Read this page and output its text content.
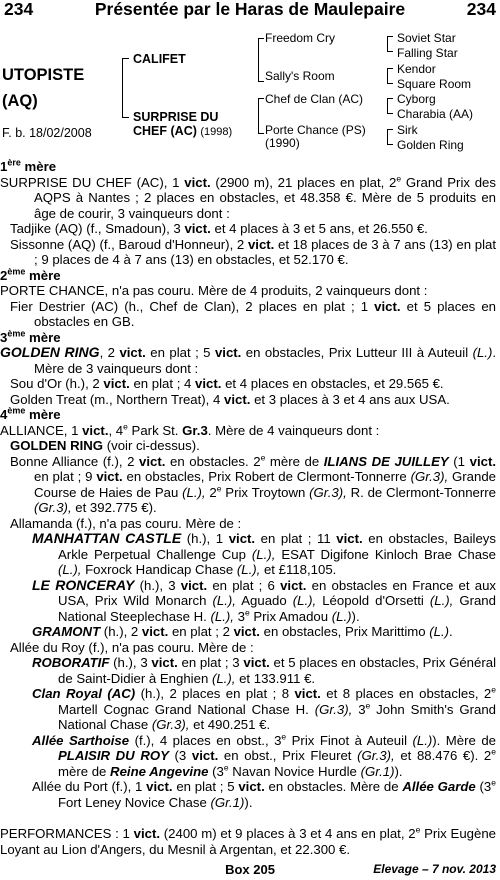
234	Présentée par le Haras de Maulepaire	234
UTOPISTE
(AQ)
F. b. 18/02/2008
CALIFET
SURPRISE DU
CHEF (AC) (1998)
Freedom Cry
Sally's Room
Chef de Clan (AC)
Porte Chance (PS)
(1990)
Soviet Star
Falling Star
Kendor
Square Room
Cyborg
Charabia (AA)
Sirk
Golden Ring

1ère mère

SURPRISE DU CHEF (AC), 1 vict. (2900 m), 21 places en plat, 2e Grand Prix des AQPS à Nantes ; 2 places en obstacles, et 48.358 €. Mère de 5 produits en âge de courir, 3 vainqueurs dont :

Tadjike (AQ) (f., Smadoun), 3 vict. et 4 places à 3 et 5 ans, et 26.550 €.

Sissonne (AQ) (f., Baroud d'Honneur), 2 vict. et 18 places de 3 à 7 ans (13) en plat ; 9 places de 4 à 7 ans (13) en obstacles, et 52.170 €.

2ème mère

PORTE CHANCE, n'a pas couru. Mère de 4 produits, 2 vainqueurs dont :

Fier Destrier (AC) (h., Chef de Clan), 2 places en plat ; 1 vict. et 5 places en obstacles en GB.

3ème mère

GOLDEN RING, 2 vict. en plat ; 5 vict. en obstacles, Prix Lutteur III à Auteuil (L.). Mère de 3 vainqueurs dont :

Sou d'Or (h.), 2 vict. en plat ; 4 vict. et 4 places en obstacles, et 29.565 €.

Golden Treat (m., Northern Treat), 4 vict. et 3 places à 3 et 4 ans aux USA.

4ème mère

ALLIANCE, 1 vict., 4e Park St. Gr.3. Mère de 4 vainqueurs dont :

GOLDEN RING (voir ci-dessus).

Bonne Alliance (f.), 2 vict. en obstacles. 2e mère de ILIANS DE JUILLEY (1 vict. en plat ; 9 vict. en obstacles, Prix Robert de Clermont-Tonnerre (Gr.3), Grande Course de Haies de Pau (L.), 2e Prix Troytown (Gr.3), R. de Clermont-Tonnerre (Gr.3), et 392.775 €).

Allamanda (f.), n'a pas couru. Mère de :

MANHATTAN CASTLE (h.), 1 vict. en plat ; 11 vict. en obstacles, Baileys Arkle Perpetual Challenge Cup (L.), ESAT Digifone Kinloch Brae Chase (L.), Foxrock Handicap Chase (L.), et £118,105.

LE RONCERAY (h.), 3 vict. en plat ; 6 vict. en obstacles en France et aux USA, Prix Wild Monarch (L.), Aguado (L.), Léopold d'Orsetti (L.), Grand National Steeplechase H. (L.), 3e Prix Amadou (L.)).

GRAMONT (h.), 2 vict. en plat ; 2 vict. en obstacles, Prix Marittimo (L.).

Allée du Roy (f.), n'a pas couru. Mère de :

ROBORATIF (h.), 3 vict. en plat ; 3 vict. et 5 places en obstacles, Prix Général de Saint-Didier à Enghien (L.), et 133.911 €.

Clan Royal (AC) (h.), 2 places en plat ; 8 vict. et 8 places en obstacles, 2e Martell Cognac Grand National Chase H. (Gr.3), 3e John Smith's Grand National Chase (Gr.3), et 490.251 €.

Allée Sarthoise (f.), 4 places en obst., 3e Prix Finot à Auteuil (L.)). Mère de PLAISIR DU ROY (3 vict. en obst., Prix Fleuret (Gr.3), et 88.476 €). 2e mère de Reine Angevine (3e Navan Novice Hurdle (Gr.1)).

Allée du Port (f.), 1 vict. en plat ; 5 vict. en obstacles. Mère de Allée Garde (3e Fort Leney Novice Chase (Gr.1)).

PERFORMANCES : 1 vict. (2400 m) et 9 places à 3 et 4 ans en plat, 2e Prix Eugène Loyant au Lion d'Angers, du Mesnil à Argentan, et 22.300 €.

Box 205	Elevage – 7 nov. 2013
